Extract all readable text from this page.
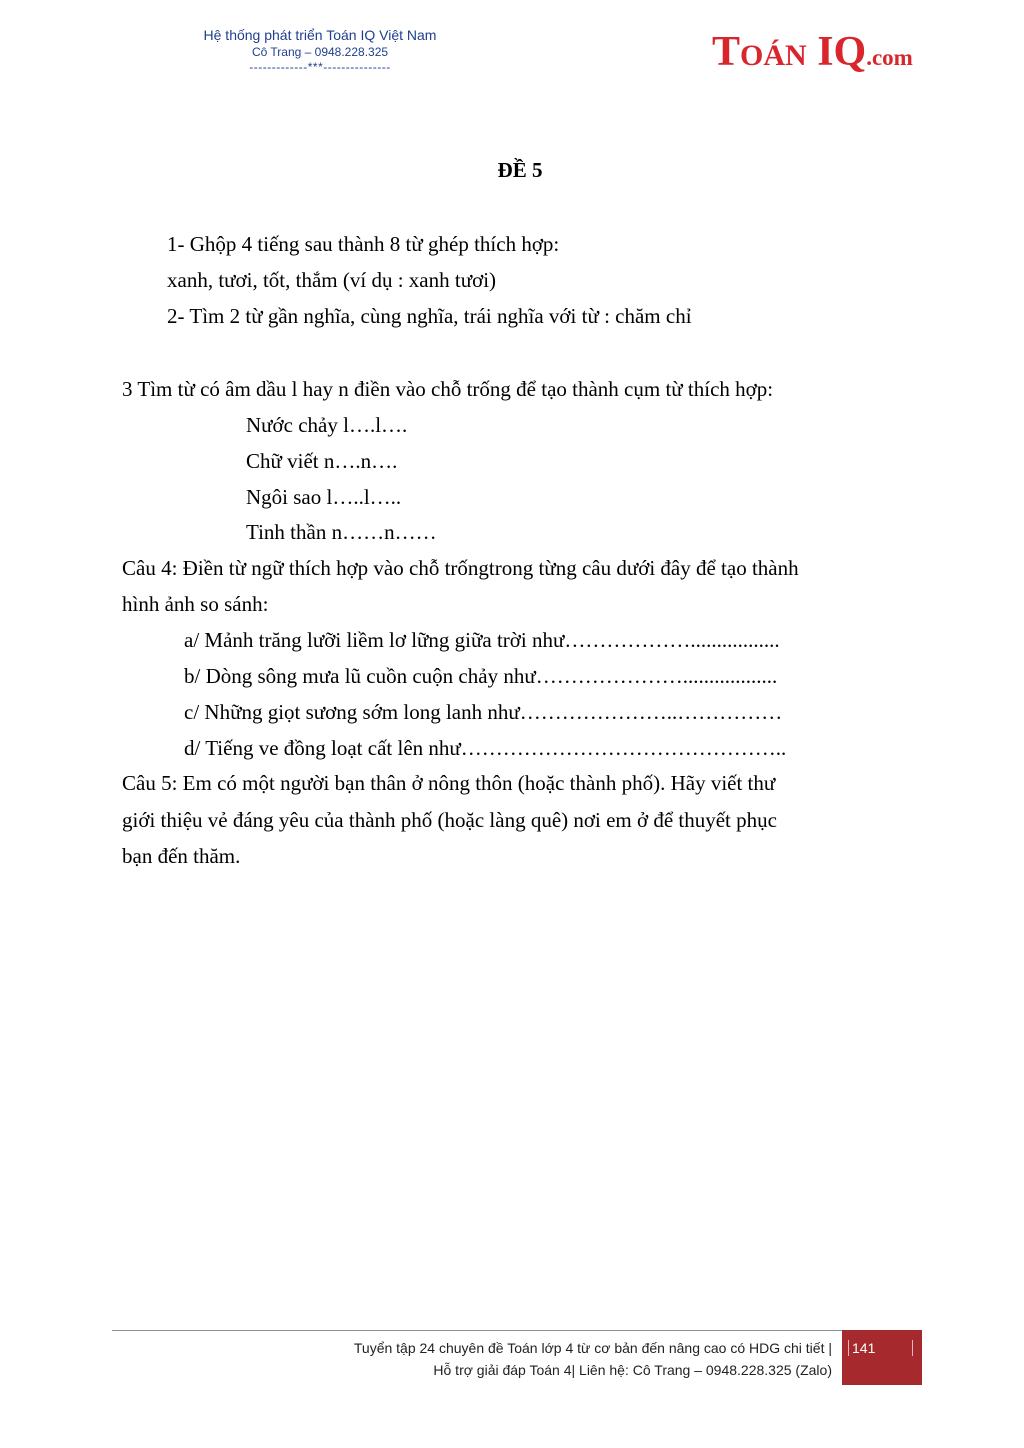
Hệ thống phát triển Toán IQ Việt Nam
Cô Trang – 0948.228.325
-------------***---------------	TOÁN IQ.com
ĐỀ 5
1- Ghộp 4 tiếng sau thành 8 từ ghép thích hợp:
xanh, tươi, tốt, thắm (ví dụ : xanh tươi)
2- Tìm 2 từ gần nghĩa, cùng nghĩa, trái nghĩa với từ : chăm chỉ
3 Tìm từ có âm dầu l hay n điền vào chỗ trống để tạo thành cụm từ thích hợp:
Nước chảy l….l….
Chữ viết n….n….
Ngôi sao l…..l…..
Tinh thần n……n……
Câu 4: Điền từ ngữ thích hợp vào chỗ trốngtrong từng câu dưới đây để tạo thành
hình ảnh so sánh:
a/ Mảnh trăng lưỡi liềm lơ lững giữa trời như……………….................
b/ Dòng sông mưa lũ cuồn cuộn chảy như…………………..................
c/ Những giọt sương sớm long lanh như…………………..……………
d/ Tiếng ve đồng loạt cất lên như………………………………………..
Câu 5: Em có một người bạn thân ở nông thôn (hoặc thành phố). Hãy viết thư
giới thiệu vẻ đáng yêu của thành phố (hoặc làng quê) nơi em ở để thuyết phục
bạn đến thăm.
Tuyển tập 24 chuyên đề Toán lớp 4 từ cơ bản đến nâng cao có HDG chi tiết |
Hỗ trợ giải đáp Toán 4| Liên hệ: Cô Trang – 0948.228.325 (Zalo)
141
